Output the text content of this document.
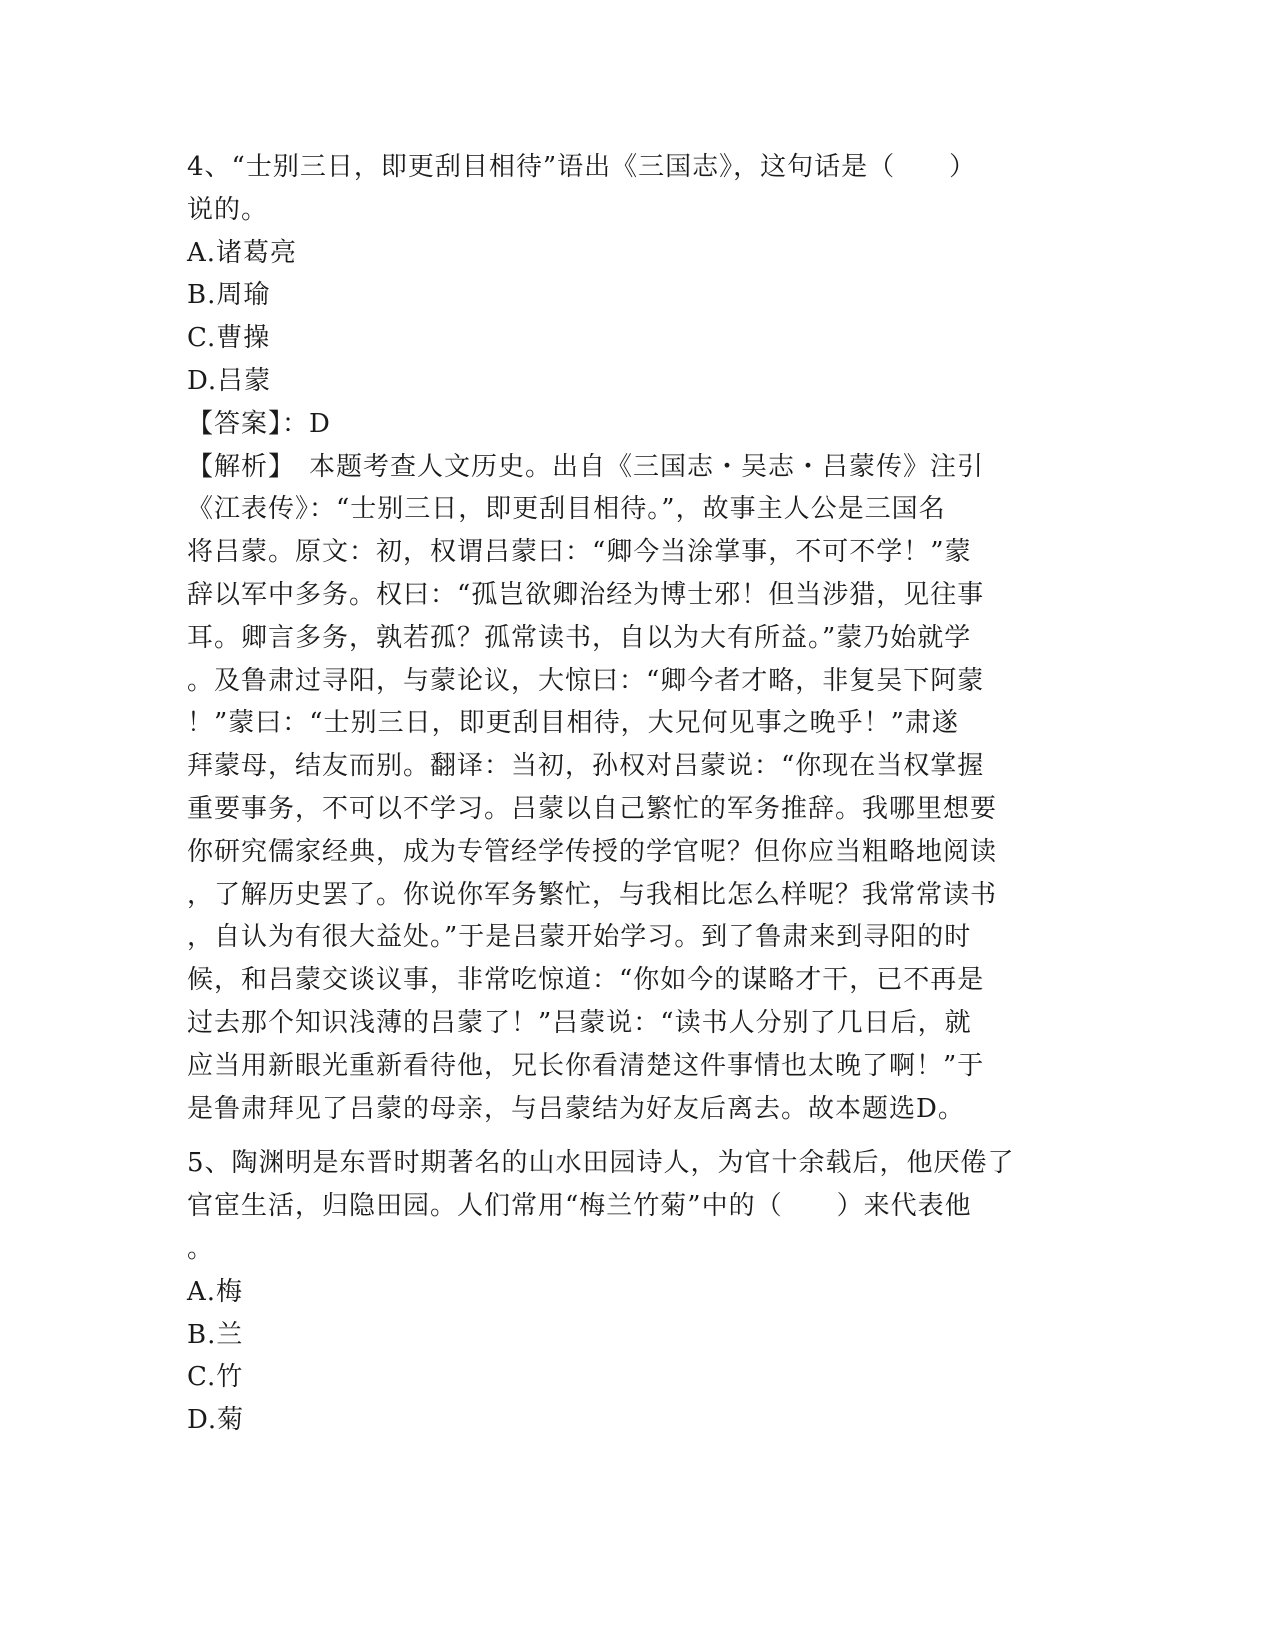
4、“士别三日，即更刮目相待”语出《三国志》，这句话是（　　）
说的。
A.诸葛亮
B.周瑜
C.曹操
D.吕蒙
【答案】：D
【解析】　本题考查人文历史。出自《三国志・吴志・吕蒙传》注引
《江表传》：“士别三日，即更刮目相待。”，故事主人公是三国名
将吕蒙。原文：初，权谓吕蒙曰：“卿今当涂掌事，不可不学！”蒙
辞以军中多务。权曰：“孤岂欲卿治经为博士邪！但当涉猎，见往事
耳。卿言多务，孰若孤？孤常读书，自以为大有所益。”蒙乃始就学
。及鲁肃过寻阳，与蒙论议，大惊曰：“卿今者才略，非复吴下阿蒙
！”蒙曰：“士别三日，即更刮目相待，大兄何见事之晚乎！”肃遂
拜蒙母，结友而别。翻译：当初，孙权对吕蒙说：“你现在当权掌握
重要事务，不可以不学习。吕蒙以自己繁忙的军务推辞。我哪里想要
你研究儒家经典，成为专管经学传授的学官呢？但你应当粗略地阅读
，了解历史罢了。你说你军务繁忙，与我相比怎么样呢？我常常读书
，自认为有很大益处。”于是吕蒙开始学习。到了鲁肃来到寻阳的时
候，和吕蒙交谈议事，非常吃惊道：“你如今的谋略才干，已不再是
过去那个知识浅薄的吕蒙了！”吕蒙说：“读书人分别了几日后，就
应当用新眼光重新看待他，兄长你看清楚这件事情也太晚了啊！”于
是鲁肃拜见了吕蒙的母亲，与吕蒙结为好友后离去。故本题选D。
5、陶渊明是东晋时期著名的山水田园诗人，为官十余载后，他厌倦了
官宦生活，归隐田园。人们常用“梅兰竹菊”中的（　　）来代表他
。
A.梅
B.兰
C.竹
D.菊
